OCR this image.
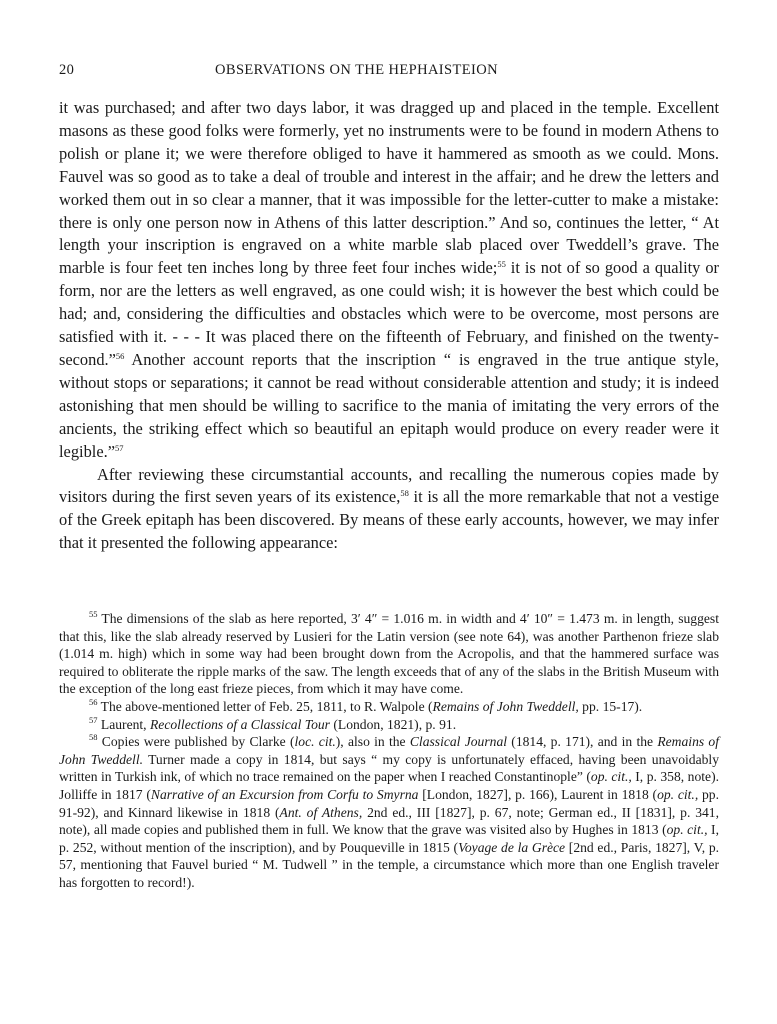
20	OBSERVATIONS ON THE HEPHAISTEION

it was purchased; and after two days labor, it was dragged up and placed in the temple. Excellent masons as these good folks were formerly, yet no instruments were to be found in modern Athens to polish or plane it; we were therefore obliged to have it hammered as smooth as we could. Mons. Fauvel was so good as to take a deal of trouble and interest in the affair; and he drew the letters and worked them out in so clear a manner, that it was impossible for the letter-cutter to make a mistake: there is only one person now in Athens of this latter description.” And so, continues the letter, “ At length your inscription is engraved on a white marble slab placed over Tweddell’s grave. The marble is four feet ten inches long by three feet four inches wide;$^{55}$ it is not of so good a quality or form, nor are the letters as well engraved, as one could wish; it is however the best which could be had; and, considering the difficulties and obstacles which were to be overcome, most persons are satisfied with it. - - - It was placed there on the fifteenth of February, and finished on the twenty-second.”$^{56}$ Another account reports that the inscription “ is engraved in the true antique style, without stops or separations; it cannot be read without considerable attention and study; it is indeed astonishing that men should be willing to sacrifice to the mania of imitating the very errors of the ancients, the striking effect which so beautiful an epitaph would produce on every reader were it legible.”$^{57}$

After reviewing these circumstantial accounts, and recalling the numerous copies made by visitors during the first seven years of its existence,$^{58}$ it is all the more remarkable that not a vestige of the Greek epitaph has been discovered. By means of these early accounts, however, we may infer that it presented the following appearance:

$^{55}$ The dimensions of the slab as here reported, 3′ 4″ = 1.016 m. in width and 4′ 10″ = 1.473 m. in length, suggest that this, like the slab already reserved by Lusieri for the Latin version (see note 64), was another Parthenon frieze slab (1.014 m. high) which in some way had been brought down from the Acropolis, and that the hammered surface was required to obliterate the ripple marks of the saw. The length exceeds that of any of the slabs in the British Museum with the exception of the long east frieze pieces, from which it may have come.

$^{56}$ The above-mentioned letter of Feb. 25, 1811, to R. Walpole (Remains of John Tweddell, pp. 15-17).

$^{57}$ Laurent, Recollections of a Classical Tour (London, 1821), p. 91.

$^{58}$ Copies were published by Clarke (loc. cit.), also in the Classical Journal (1814, p. 171), and in the Remains of John Tweddell. Turner made a copy in 1814, but says “ my copy is unfortunately effaced, having been unavoidably written in Turkish ink, of which no trace remained on the paper when I reached Constantinople” (op. cit., I, p. 358, note). Jolliffe in 1817 (Narrative of an Excursion from Corfu to Smyrna [London, 1827], p. 166), Laurent in 1818 (op. cit., pp. 91-92), and Kinnard likewise in 1818 (Ant. of Athens, 2nd ed., III [1827], p. 67, note; German ed., II [1831], p. 341, note), all made copies and published them in full. We know that the grave was visited also by Hughes in 1813 (op. cit., I, p. 252, without mention of the inscription), and by Pouqueville in 1815 (Voyage de la Grèce [2nd ed., Paris, 1827], V, p. 57, mentioning that Fauvel buried “ M. Tudwell ” in the temple, a circumstance which more than one English traveler has forgotten to record!).
